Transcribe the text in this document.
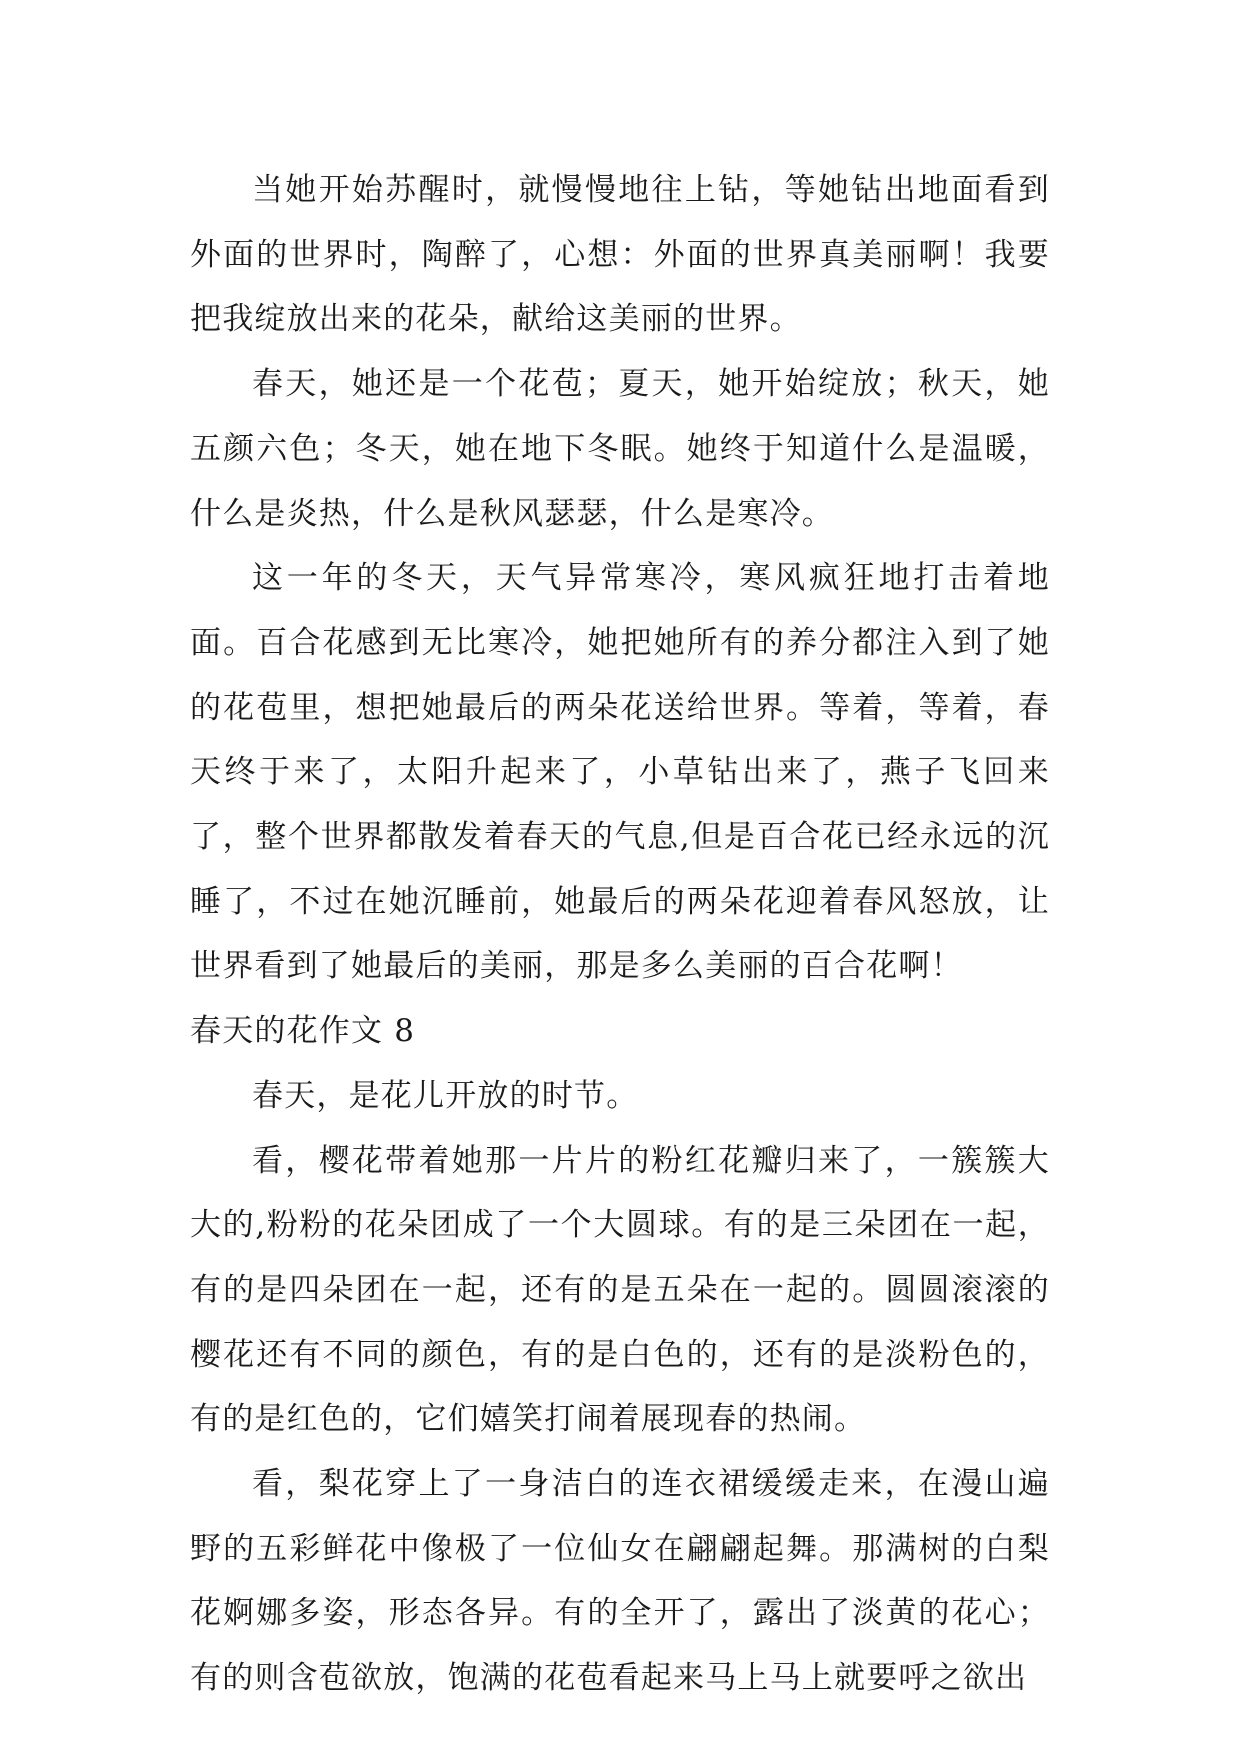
当她开始苏醒时，就慢慢地往上钻，等她钻出地面看到外面的世界时，陶醉了，心想：外面的世界真美丽啊！我要把我绽放出来的花朵，献给这美丽的世界。

春天，她还是一个花苞；夏天，她开始绽放；秋天，她五颜六色；冬天，她在地下冬眠。她终于知道什么是温暖，什么是炎热，什么是秋风瑟瑟，什么是寒冷。

这一年的冬天，天气异常寒冷，寒风疯狂地打击着地面。百合花感到无比寒冷，她把她所有的养分都注入到了她的花苞里，想把她最后的两朵花送给世界。等着，等着，春天终于来了，太阳升起来了，小草钻出来了，燕子飞回来了，整个世界都散发着春天的气息,但是百合花已经永远的沉睡了，不过在她沉睡前，她最后的两朵花迎着春风怒放，让世界看到了她最后的美丽，那是多么美丽的百合花啊！

春天的花作文 8

春天，是花儿开放的时节。

看，樱花带着她那一片片的粉红花瓣归来了，一簇簇大大的,粉粉的花朵团成了一个大圆球。有的是三朵团在一起，有的是四朵团在一起，还有的是五朵在一起的。圆圆滚滚的樱花还有不同的颜色，有的是白色的，还有的是淡粉色的，有的是红色的，它们嬉笑打闹着展现春的热闹。

看，梨花穿上了一身洁白的连衣裙缓缓走来，在漫山遍野的五彩鲜花中像极了一位仙女在翩翩起舞。那满树的白梨花婀娜多姿，形态各异。有的全开了，露出了淡黄的花心；有的则含苞欲放，饱满的花苞看起来马上马上就要呼之欲出
